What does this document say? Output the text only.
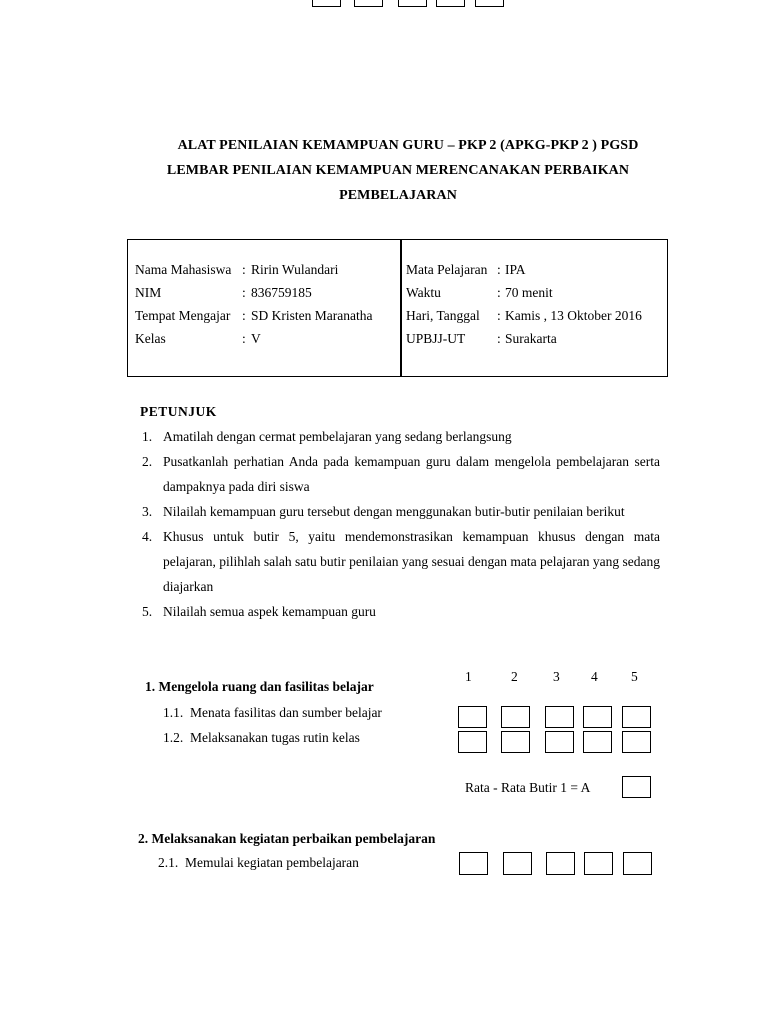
ALAT PENILAIAN KEMAMPUAN GURU – PKP 2 (APKG-PKP 2 ) PGSD
LEMBAR PENILAIAN KEMAMPUAN MERENCANAKAN PERBAIKAN
PEMBELAJARAN
Nama Mahasiswa : Ririn Wulandari
NIM	: 836759185
Tempat Mengajar : SD Kristen Maranatha
Kelas	: V
Mata Pelajaran : IPA
Waktu	: 70 menit
Hari, Tanggal : Kamis , 13 Oktober 2016
UPBJJ-UT : Surakarta
PETUNJUK
1. Amatilah dengan cermat pembelajaran yang sedang berlangsung
2. Pusatkanlah perhatian Anda pada kemampuan guru dalam mengelola pembelajaran serta dampaknya pada diri siswa
3. Nilailah kemampuan guru tersebut dengan menggunakan butir-butir penilaian berikut
4. Khusus untuk butir 5, yaitu mendemonstrasikan kemampuan khusus dengan mata pelajaran, pilihlah salah satu butir penilaian yang sesuai dengan mata pelajaran yang sedang diajarkan
5. Nilailah semua aspek kemampuan guru
1	2	3 4 5
1. Mengelola ruang dan fasilitas belajar
1.1. Menata fasilitas dan sumber belajar
1.2. Melaksanakan tugas rutin kelas
Rata - Rata Butir 1 = A
2. Melaksanakan kegiatan perbaikan pembelajaran
2.1. Memulai kegiatan pembelajaran
